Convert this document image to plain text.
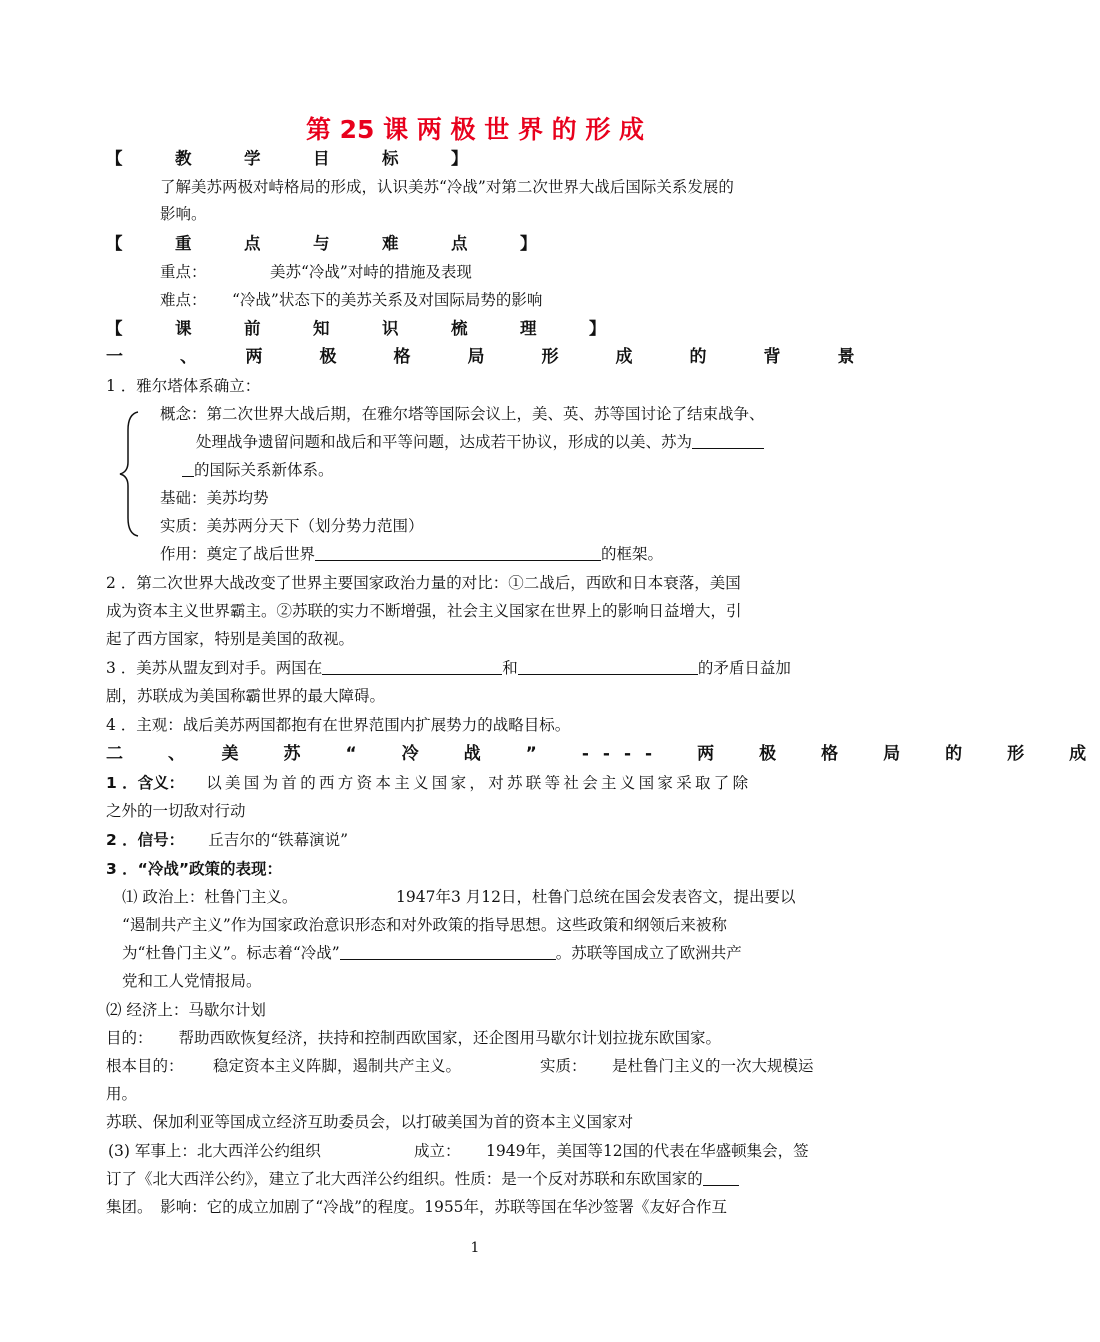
第 25 课 两 极 世 界 的 形 成
【　教　学　目　标　】
了解美苏两极对峙格局的形成，认识美苏“冷战”对第二次世界大战后国际关系发展的
影响。
【　重　点　与　难　点　】
重点：	美苏“冷战”对峙的措施及表现
难点： “冷战”状态下的美苏关系及对国际局势的影响
【　课　前　知　识　梳　理　】
一　、　两　极　格　局　形　成　的　背　景
1 ．雅尔塔体系确立：
概念：第二次世界大战后期，在雅尔塔等国际会议上，美、英、苏等国讨论了结束战争、
处理战争遗留问题和战后和平等问题，达成若干协议，形成的以美、苏为
的国际关系新体系。
基础：美苏均势
实质：美苏两分天下（划分势力范围）
作用：奠定了战后世界	的框架。
2 ．第二次世界大战改变了世界主要国家政治力量的对比：①二战后，西欧和日本衰落，美国
成为资本主义世界霸主。②苏联的实力不断增强，社会主义国家在世界上的影响日益增大，引
起了西方国家，特别是美国的敌视。
3 ．美苏从盟友到对手。两国在	和	的矛盾日益加
剧，苏联成为美国称霸世界的最大障碍。
4 ．主观：战后美苏两国都抱有在世界范围内扩展势力的战略目标。
二　、　美　苏　“　冷　战　”　----　两　极　格　局　的　形　成
1 ．含义： 以美国为首的西方资本主义国家，对苏联等社会主义国家采取了除
之外的一切敌对行动
2 ．信号： 丘吉尔的“铁幕演说”
3 ．“冷战”政策的表现：
⑴ 政治上：杜鲁门主义。	1947年3 月12日，杜鲁门总统在国会发表咨文，提出要以
“遏制共产主义”作为国家政治意识形态和对外政策的指导思想。这些政策和纲领后来被称
为“杜鲁门主义”。标志着“冷战”	。苏联等国成立了欧洲共产
党和工人党情报局。
⑵ 经济上：马歇尔计划
目的： 帮助西欧恢复经济，扶持和控制西欧国家，还企图用马歇尔计划拉拢东欧国家。
根本目的： 稳定资本主义阵脚，遏制共产主义。	实质： 是杜鲁门主义的一次大规模运
用。
苏联、保加利亚等国成立经济互助委员会，以打破美国为首的资本主义国家对
(3) 军事上：北大西洋公约组织	成立： 1949年，美国等12国的代表在华盛顿集会，签
订了《北大西洋公约》，建立了北大西洋公约组织。性质：是一个反对苏联和东欧国家的
集团。　影响：它的成立加剧了“冷战”的程度。1955年，苏联等国在华沙签署《友好合作互
1
